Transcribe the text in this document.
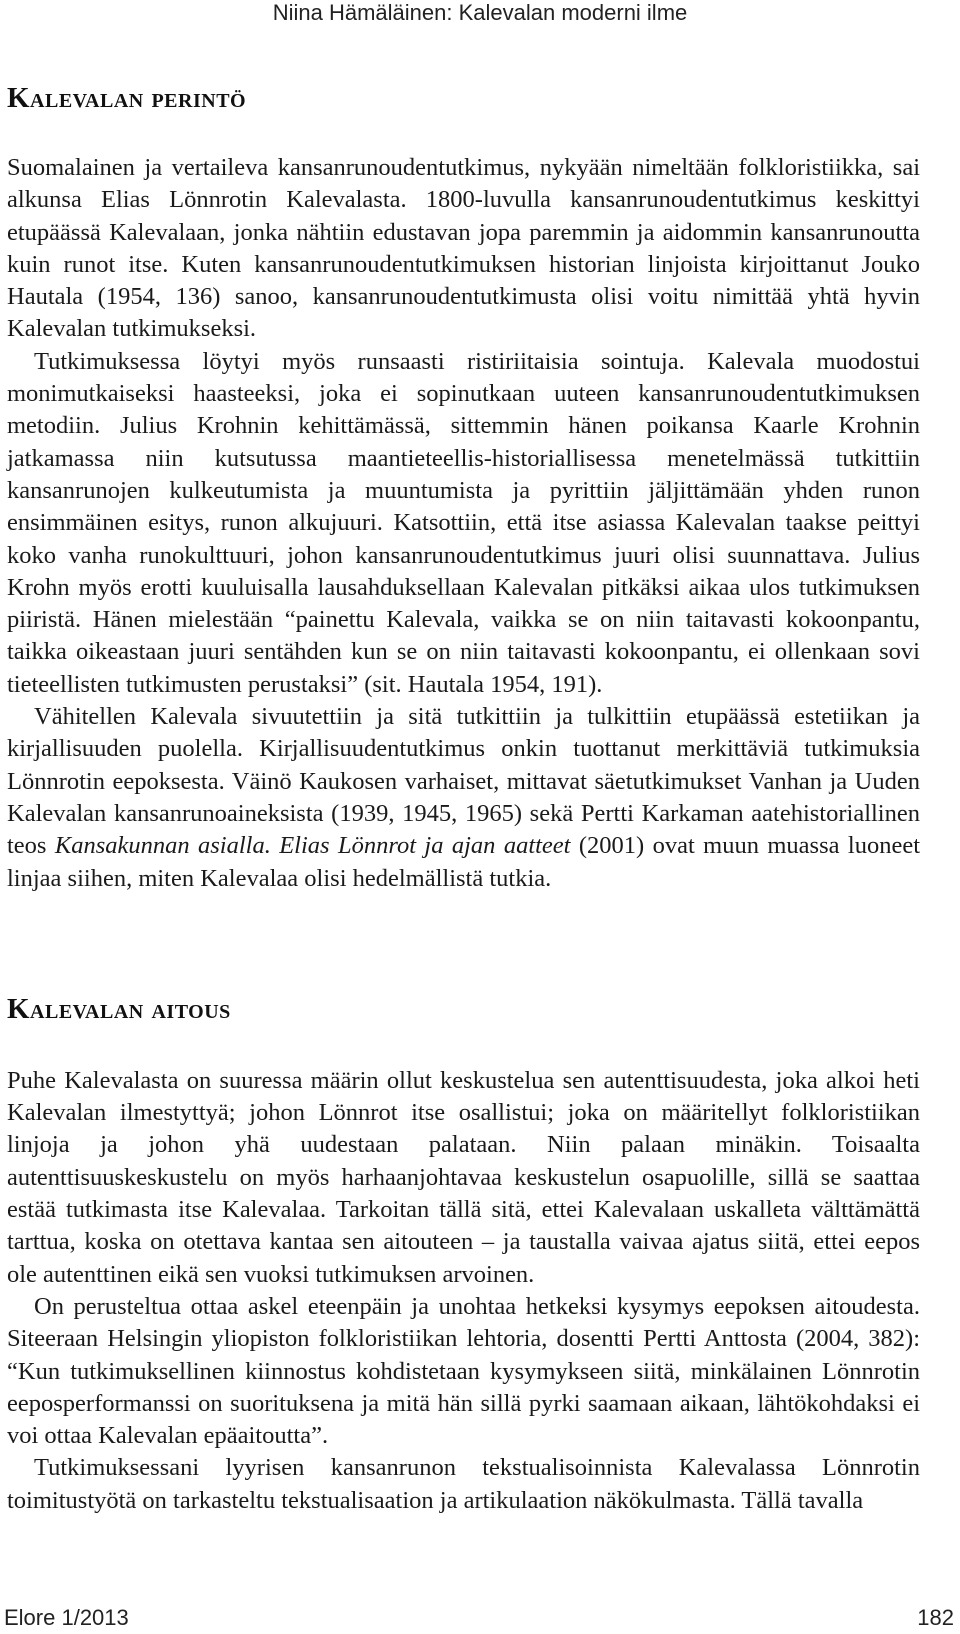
Niina Hämäläinen: Kalevalan moderni ilme
Kalevalan perintö

Suomalainen ja vertaileva kansanrunoudentutkimus, nykyään nimeltään folkloristiikka, sai alkunsa Elias Lönnrotin Kalevalasta. 1800-luvulla kansanrunoudentutkimus keskittyi etupäässä Kalevalaan, jonka nähtiin edustavan jopa paremmin ja aidommin kansanrunoutta kuin runot itse. Kuten kansanrunoudentutkimuksen historian linjoista kirjoittanut Jouko Hautala (1954, 136) sanoo, kansanrunoudentutkimusta olisi voitu nimittää yhtä hyvin Kalevalan tutkimukseksi.

Tutkimuksessa löytyi myös runsaasti ristiriitaisia sointuja. Kalevala muodostui monimutkaiseksi haasteeksi, joka ei sopinutkaan uuteen kansanrunoudentutkimuksen metodiin. Julius Krohnin kehittämässä, sittemmin hänen poikansa Kaarle Krohnin jatkamassa niin kutsutussa maantieteellis-historiallisessa menetelmässä tutkittiin kansanrunojen kulkeutumista ja muuntumista ja pyrittiin jäljittämään yhden runon ensimmäinen esitys, runon alkujuuri. Katsottiin, että itse asiassa Kalevalan taakse peittyi koko vanha runokulttuuri, johon kansanrunoudentutkimus juuri olisi suunnattava. Julius Krohn myös erotti kuuluisalla lausahduksellaan Kalevalan pitkäksi aikaa ulos tutkimuksen piiristä. Hänen mielestään “painettu Kalevala, vaikka se on niin taitavasti kokoonpantu, taikka oikeastaan juuri sentähden kun se on niin taitavasti kokoonpantu, ei ollenkaan sovi tieteellisten tutkimusten perustaksi” (sit. Hautala 1954, 191).

Vähitellen Kalevala sivuutettiin ja sitä tutkittiin ja tulkittiin etupäässä estetiikan ja kirjallisuuden puolella. Kirjallisuudentutkimus onkin tuottanut merkittäviä tutkimuksia Lönnrotin eepoksesta. Väinö Kaukosen varhaiset, mittavat säetutkimukset Vanhan ja Uuden Kalevalan kansanrunoaineksista (1939, 1945, 1965) sekä Pertti Karkaman aatehistoriallinen teos Kansakunnan asialla. Elias Lönnrot ja ajan aatteet (2001) ovat muun muassa luoneet linjaa siihen, miten Kalevalaa olisi hedelmällistä tutkia.

Kalevalan aitous

Puhe Kalevalasta on suuressa määrin ollut keskustelua sen autenttisuudesta, joka alkoi heti Kalevalan ilmestyttyä; johon Lönnrot itse osallistui; joka on määritellyt folkloristiikan linjoja ja johon yhä uudestaan palataan. Niin palaan minäkin. Toisaalta autenttisuuskeskustelu on myös harhaanjohtavaa keskustelun osapuolille, sillä se saattaa estää tutkimasta itse Kalevalaa. Tarkoitan tällä sitä, ettei Kalevalaan uskalleta välttämättä tarttua, koska on otettava kantaa sen aitouteen – ja taustalla vaivaa ajatus siitä, ettei eepos ole autenttinen eikä sen vuoksi tutkimuksen arvoinen.

On perusteltua ottaa askel eteenpäin ja unohtaa hetkeksi kysymys eepoksen aitoudesta. Siteeraan Helsingin yliopiston folkloristiikan lehtoria, dosentti Pertti Anttosta (2004, 382): “Kun tutkimuksellinen kiinnostus kohdistetaan kysymykseen siitä, minkälainen Lönnrotin eeposperformanssi on suorituksena ja mitä hän sillä pyrki saamaan aikaan, lähtökohdaksi ei voi ottaa Kalevalan epäaitoutta”.

Tutkimuksessani lyyrisen kansanrunon tekstualisoinnista Kalevalassa Lönnrotin toimitustyötä on tarkasteltu tekstualisaation ja artikulaation näkökulmasta. Tällä tavalla

Elore 1/2013	182
